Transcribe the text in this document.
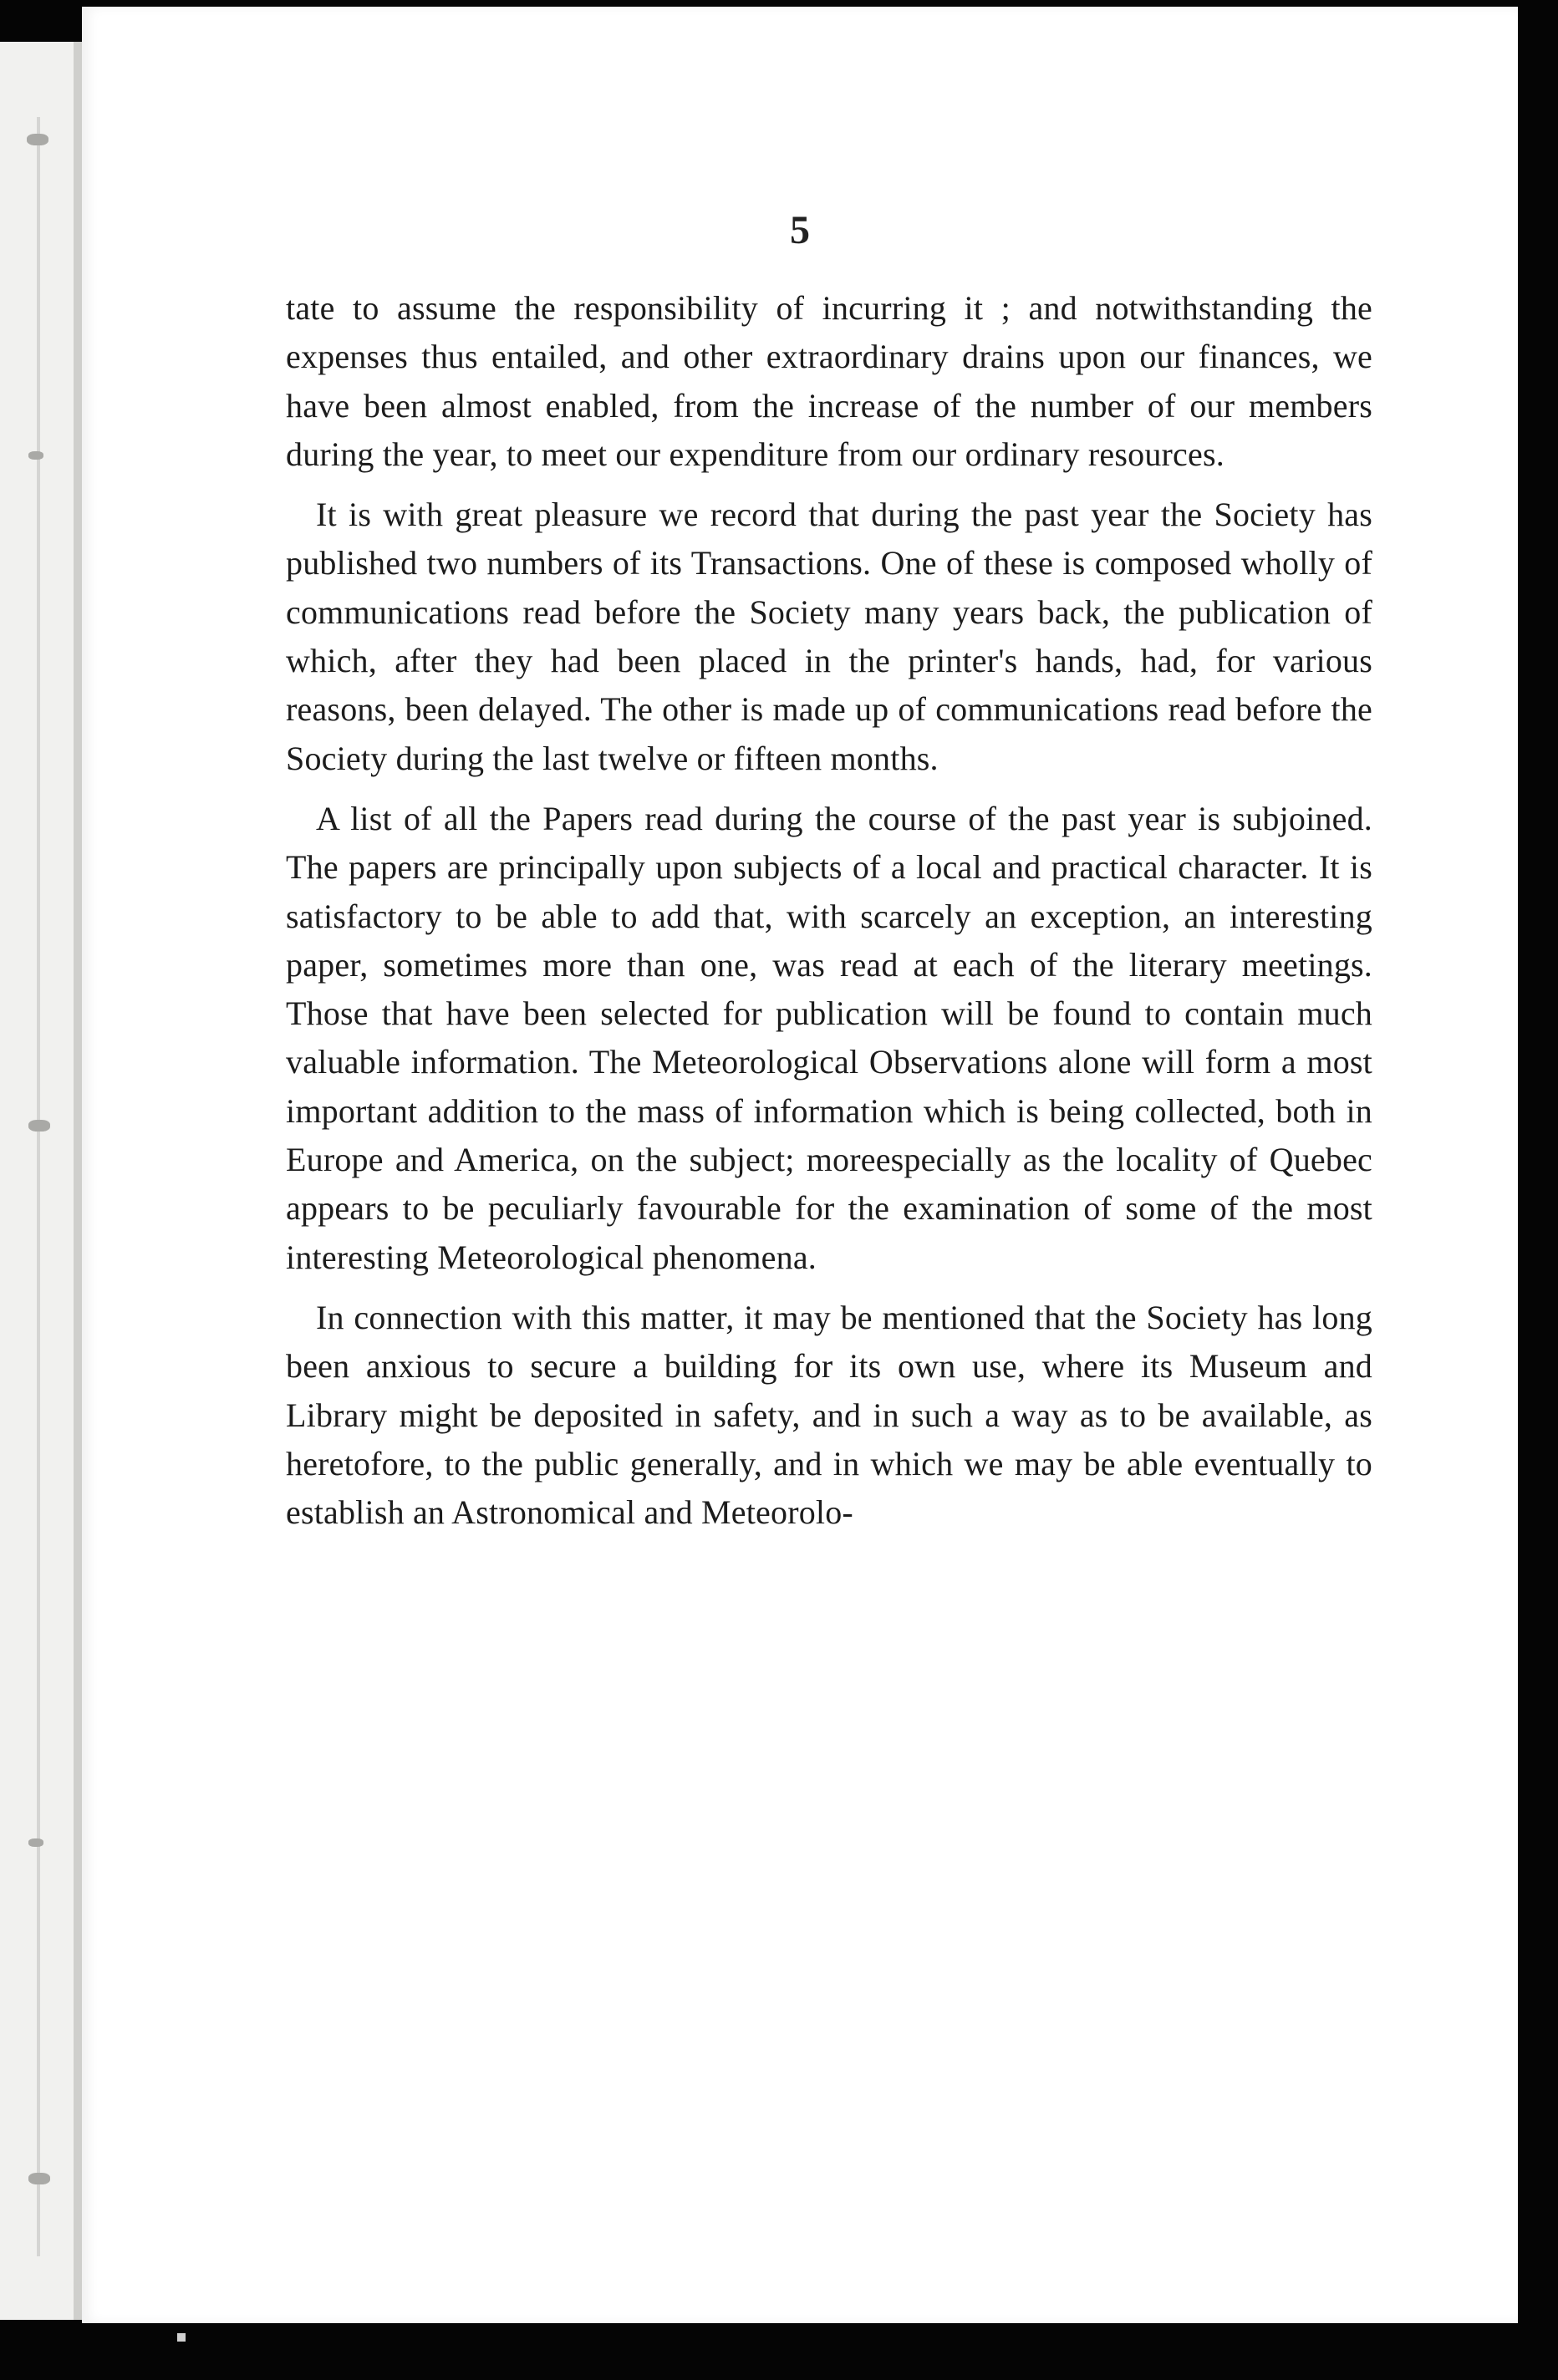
5

tate to assume the responsibility of incurring it ; and notwithstanding the expenses thus entailed, and other extraordinary drains upon our finances, we have been almost enabled, from the increase of the number of our members during the year, to meet our expenditure from our ordinary resources.

It is with great pleasure we record that during the past year the Society has published two numbers of its Transactions. One of these is composed wholly of communications read before the Society many years back, the publication of which, after they had been placed in the printer's hands, had, for various reasons, been delayed. The other is made up of communications read before the Society during the last twelve or fifteen months.

A list of all the Papers read during the course of the past year is subjoined. The papers are principally upon subjects of a local and practical character. It is satisfactory to be able to add that, with scarcely an exception, an interesting paper, sometimes more than one, was read at each of the literary meetings. Those that have been selected for publication will be found to contain much valuable information. The Meteorological Observations alone will form a most important addition to the mass of information which is being collected, both in Europe and America, on the subject; moreespecially as the locality of Quebec appears to be peculiarly favourable for the examination of some of the most interesting Meteorological phenomena.

In connection with this matter, it may be mentioned that the Society has long been anxious to secure a building for its own use, where its Museum and Library might be deposited in safety, and in such a way as to be available, as heretofore, to the public generally, and in which we may be able eventually to establish an Astronomical and Meteorolo-
